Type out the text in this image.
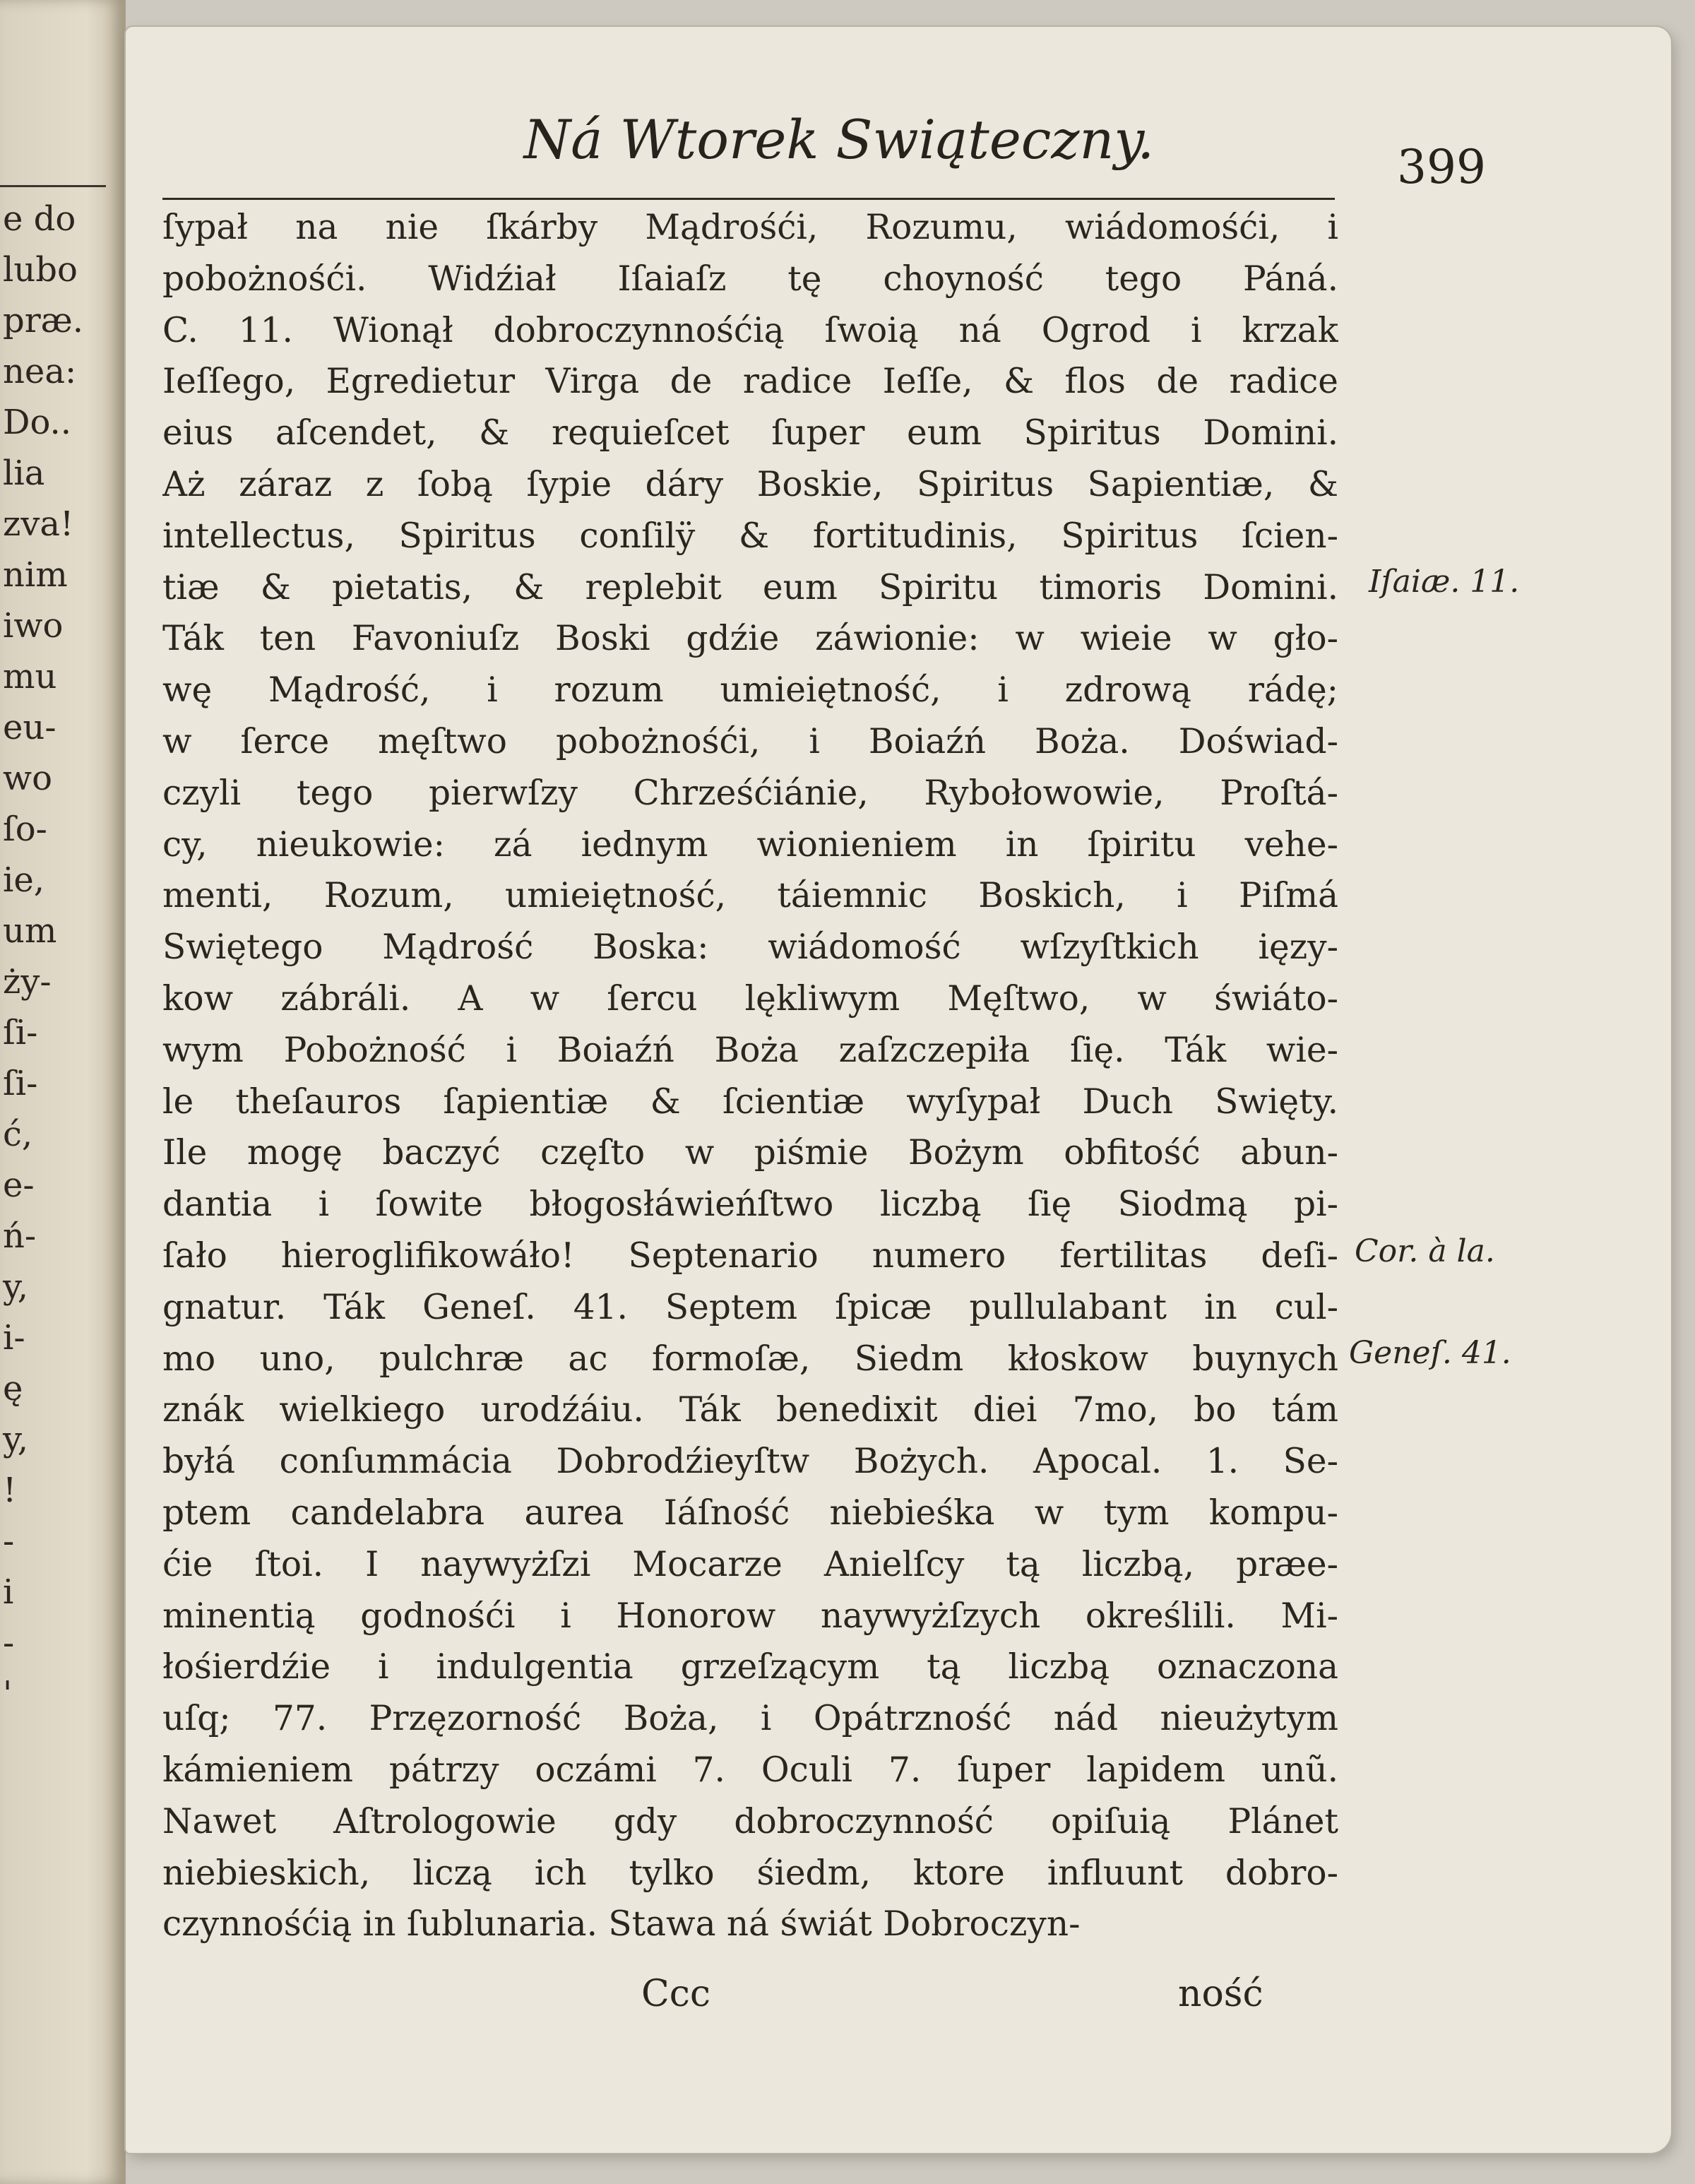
e do
lubo
præ.
nea:
Do..
lia
zva!
nim
iwo
mu
eu-
wo
ſo-
ie,
um
ży-
ſi-
ſi-
ć,
e-
ń-
y,
i-
ę
y,
!
-
i
-
'
Ná Wtorek Swiąteczny.	399
ſypał na nie ſkárby Mądrośći, Rozumu, wiádomośći, i
pobożnośći. Widźiał Iſaiaſz tę choyność tego Páná.
C. 11. Wionął dobroczynnośćią ſwoią ná Ogrod i krzak
Ieſſego, Egredietur Virga de radice Ieſſe, & flos de radice
eius aſcendet, & requieſcet ſuper eum Spiritus Domini.
Aż záraz z ſobą ſypie dáry Boskie, Spiritus Sapientiæ, &
intellectus, Spiritus conſilÿ & fortitudinis, Spiritus ſcien-
tiæ & pietatis, & replebit eum Spiritu timoris Domini.
Ták ten Favoniuſz Boski gdźie záwionie: w wieie w gło-
wę Mądrość, i rozum umieiętność, i zdrową rádę;
w ſerce męſtwo pobożnośći, i Boiaźń Boża. Doświad-
czyli tego pierwſzy Chrześćiánie, Rybołowowie, Proſtá-
cy, nieukowie: zá iednym wionieniem in ſpiritu vehe-
menti, Rozum, umieiętność, táiemnic Boskich, i Piſmá
Swiętego Mądrość Boska: wiádomość wſzyſtkich ięzy-
kow zábráli. A w ſercu lękliwym Męſtwo, w świáto-
wym Pobożność i Boiaźń Boża zaſzczepiła ſię. Ták wie-
le theſauros ſapientiæ & ſcientiæ wyſypał Duch Swięty.
Ile mogę baczyć częſto w piśmie Bożym obfitość abun-
dantia i ſowite błogosłáwieńſtwo liczbą ſię Siodmą pi-
ſało hieroglifikowáło! Septenario numero fertilitas deſi-
gnatur. Ták Geneſ. 41. Septem ſpicæ pullulabant in cul-
mo uno, pulchræ ac formoſæ, Siedm kłoskow buynych
znák wielkiego urodźáiu. Ták benedixit diei 7mo, bo tám
byłá conſummácia Dobrodźieyſtw Bożych. Apocal. 1. Se-
ptem candelabra aurea Iáſność niebieśka w tym kompu-
ćie ſtoi. I naywyżſzi Mocarze Anielſcy tą liczbą, præe-
minentią godnośći i Honorow naywyżſzych określili. Mi-
łośierdźie i indulgentia grzeſzącym tą liczbą oznaczona
uſq; 77. Przęzorność Boża, i Opátrzność nád nieużytym
kámieniem pátrzy oczámi 7. Oculi 7. ſuper lapidem unũ.
Nawet Aſtrologowie gdy dobroczynność opiſuią Plánet
niebieskich, liczą ich tylko śiedm, ktore influunt dobro-
czynnośćią in ſublunaria. Stawa ná świát Dobroczyn-
Iſaiæ. 11.
Cor. à la.
Geneſ. 41.
Ccc	ność
